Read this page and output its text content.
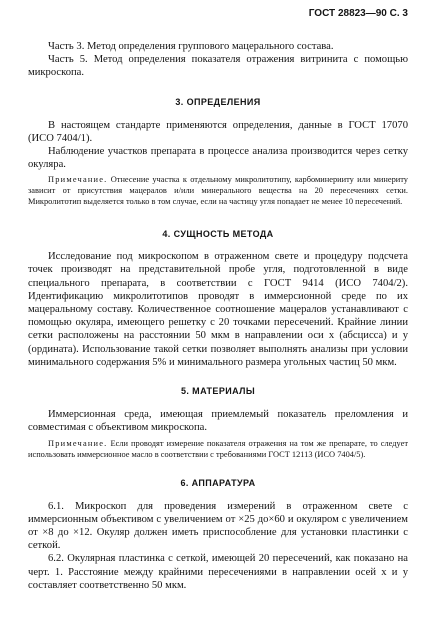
ГОСТ 28823—90 С. 3

Часть 3. Метод определения группового мацерального состава.

Часть 5. Метод определения показателя отражения витринита с помощью микроскопа.

3. ОПРЕДЕЛЕНИЯ

В настоящем стандарте применяются определения, данные в ГОСТ 17070 (ИСО 7404/1).

Наблюдение участков препарата в процессе анализа производится через сетку окуляра.

Примечание. Отнесение участка к отдельному микролитотипу, карбоминерииту или минериту зависит от присутствия мацералов и/или минерального вещества на 20 пересечениях сетки. Микролитотип выделяется только в том случае, если на частицу угля попадает не менее 10 пересечений.

4. СУЩНОСТЬ МЕТОДА

Исследование под микроскопом в отраженном свете и процедуру подсчета точек производят на представительной пробе угля, подготовленной в виде специального препарата, в соответствии с ГОСТ 9414 (ИСО 7404/2). Идентификацию микролитотипов проводят в иммерсионной среде по их мацеральному составу. Количественное соотношение мацералов устанавливают с помощью окуляра, имеющего решетку с 20 точками пересечений. Крайние линии сетки расположены на расстоянии 50 мкм в направлении оси x (абсцисса) и y (ордината). Использование такой сетки позволяет выполнять анализы при условии минимального содержания 5% и минимального размера угольных частиц 50 мкм.

5. МАТЕРИАЛЫ

Иммерсионная среда, имеющая приемлемый показатель преломления и совместимая с объективом микроскопа.

Примечание. Если проводят измерение показателя отражения на том же препарате, то следует использовать иммерсионное масло в соответствии с требованиями ГОСТ 12113 (ИСО 7404/5).

6. АППАРАТУРА

6.1. Микроскоп для проведения измерений в отраженном свете с иммерсионным объективом с увеличением от ×25 до×60 и окуляром с увеличением от ×8 до ×12. Окуляр должен иметь приспособление для установки пластинки с сеткой.

6.2. Окулярная пластинка с сеткой, имеющей 20 пересечений, как показано на черт. 1. Расстояние между крайними пересечениями в направлении осей x и y составляет соответственно 50 мкм.
